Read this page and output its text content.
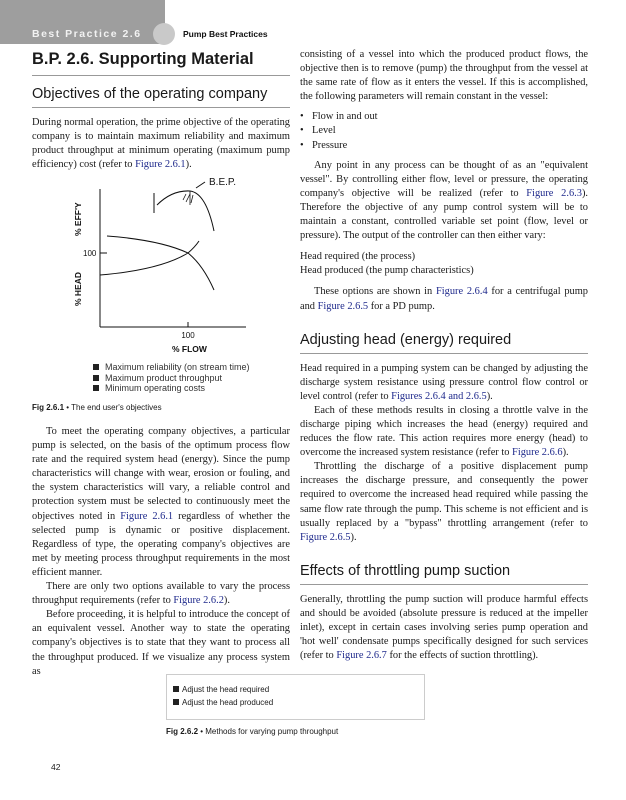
Best Practice 2.6	Pump Best Practices
B.P. 2.6. Supporting Material
Objectives of the operating company

During normal operation, the prime objective of the operating company is to maintain maximum reliability and maximum product throughput at minimum operating (maximum pump efficiency) cost (refer to Figure 2.6.1).

B.E.P.
100
100
% FLOW
% EFF'Y
% HEAD
Maximum reliability (on stream time)
Maximum product throughput
Minimum operating costs
Fig 2.6.1 • The end user's objectives

To meet the operating company objectives, a particular pump is selected, on the basis of the optimum process flow rate and the required system head (energy). Since the pump characteristics will change with wear, erosion or fouling, and the system characteristics will vary, a reliable control and protection system must be selected to continuously meet the objectives noted in Figure 2.6.1 regardless of whether the selected pump is dynamic or positive displacement. Regardless of type, the operating company's objectives are met by meeting process throughput requirements in the most efficient manner.

There are only two options available to vary the process throughput requirements (refer to Figure 2.6.2).

Before proceeding, it is helpful to introduce the concept of an equivalent vessel. Another way to state the operating company's objectives is to state that they want to process all the throughput produced. If we visualize any process system as

consisting of a vessel into which the produced product flows, the objective then is to remove (pump) the throughput from the vessel at the same rate of flow as it enters the vessel. If this is accomplished, the following parameters will remain constant in the vessel:

• Flow in and out
• Level
• Pressure

Any point in any process can be thought of as an "equivalent vessel". By controlling either flow, level or pressure, the operating company's objective will be realized (refer to Figure 2.6.3). Therefore the objective of any pump control system will be to maintain a constant, controlled variable set point (flow, level or pressure). The output of the controller can then either vary:

Head required (the process)

Head produced (the pump characteristics)

These options are shown in Figure 2.6.4 for a centrifugal pump and Figure 2.6.5 for a PD pump.

Adjusting head (energy) required

Head required in a pumping system can be changed by adjusting the discharge system resistance using pressure control flow control or level control (refer to Figures 2.6.4 and 2.6.5).

Each of these methods results in closing a throttle valve in the discharge piping which increases the head (energy) required and reduces the flow rate. This action requires more energy (head) to overcome the increased system resistance (refer to Figure 2.6.6).

Throttling the discharge of a positive displacement pump increases the discharge pressure, and consequently the power required to overcome the increased head required while passing the same flow rate through the pump. This scheme is not efficient and is usually replaced by a "bypass" throttling arrangement (refer to Figure 2.6.5).

Effects of throttling pump suction

Generally, throttling the pump suction will produce harmful effects and should be avoided (absolute pressure is reduced at the impeller inlet), except in certain cases involving series pump operation and 'hot well' condensate pumps specifically designed for such services (refer to Figure 2.6.7 for the effects of suction throttling).

Adjust the head required
Adjust the head produced
Fig 2.6.2 • Methods for varying pump throughput
42
